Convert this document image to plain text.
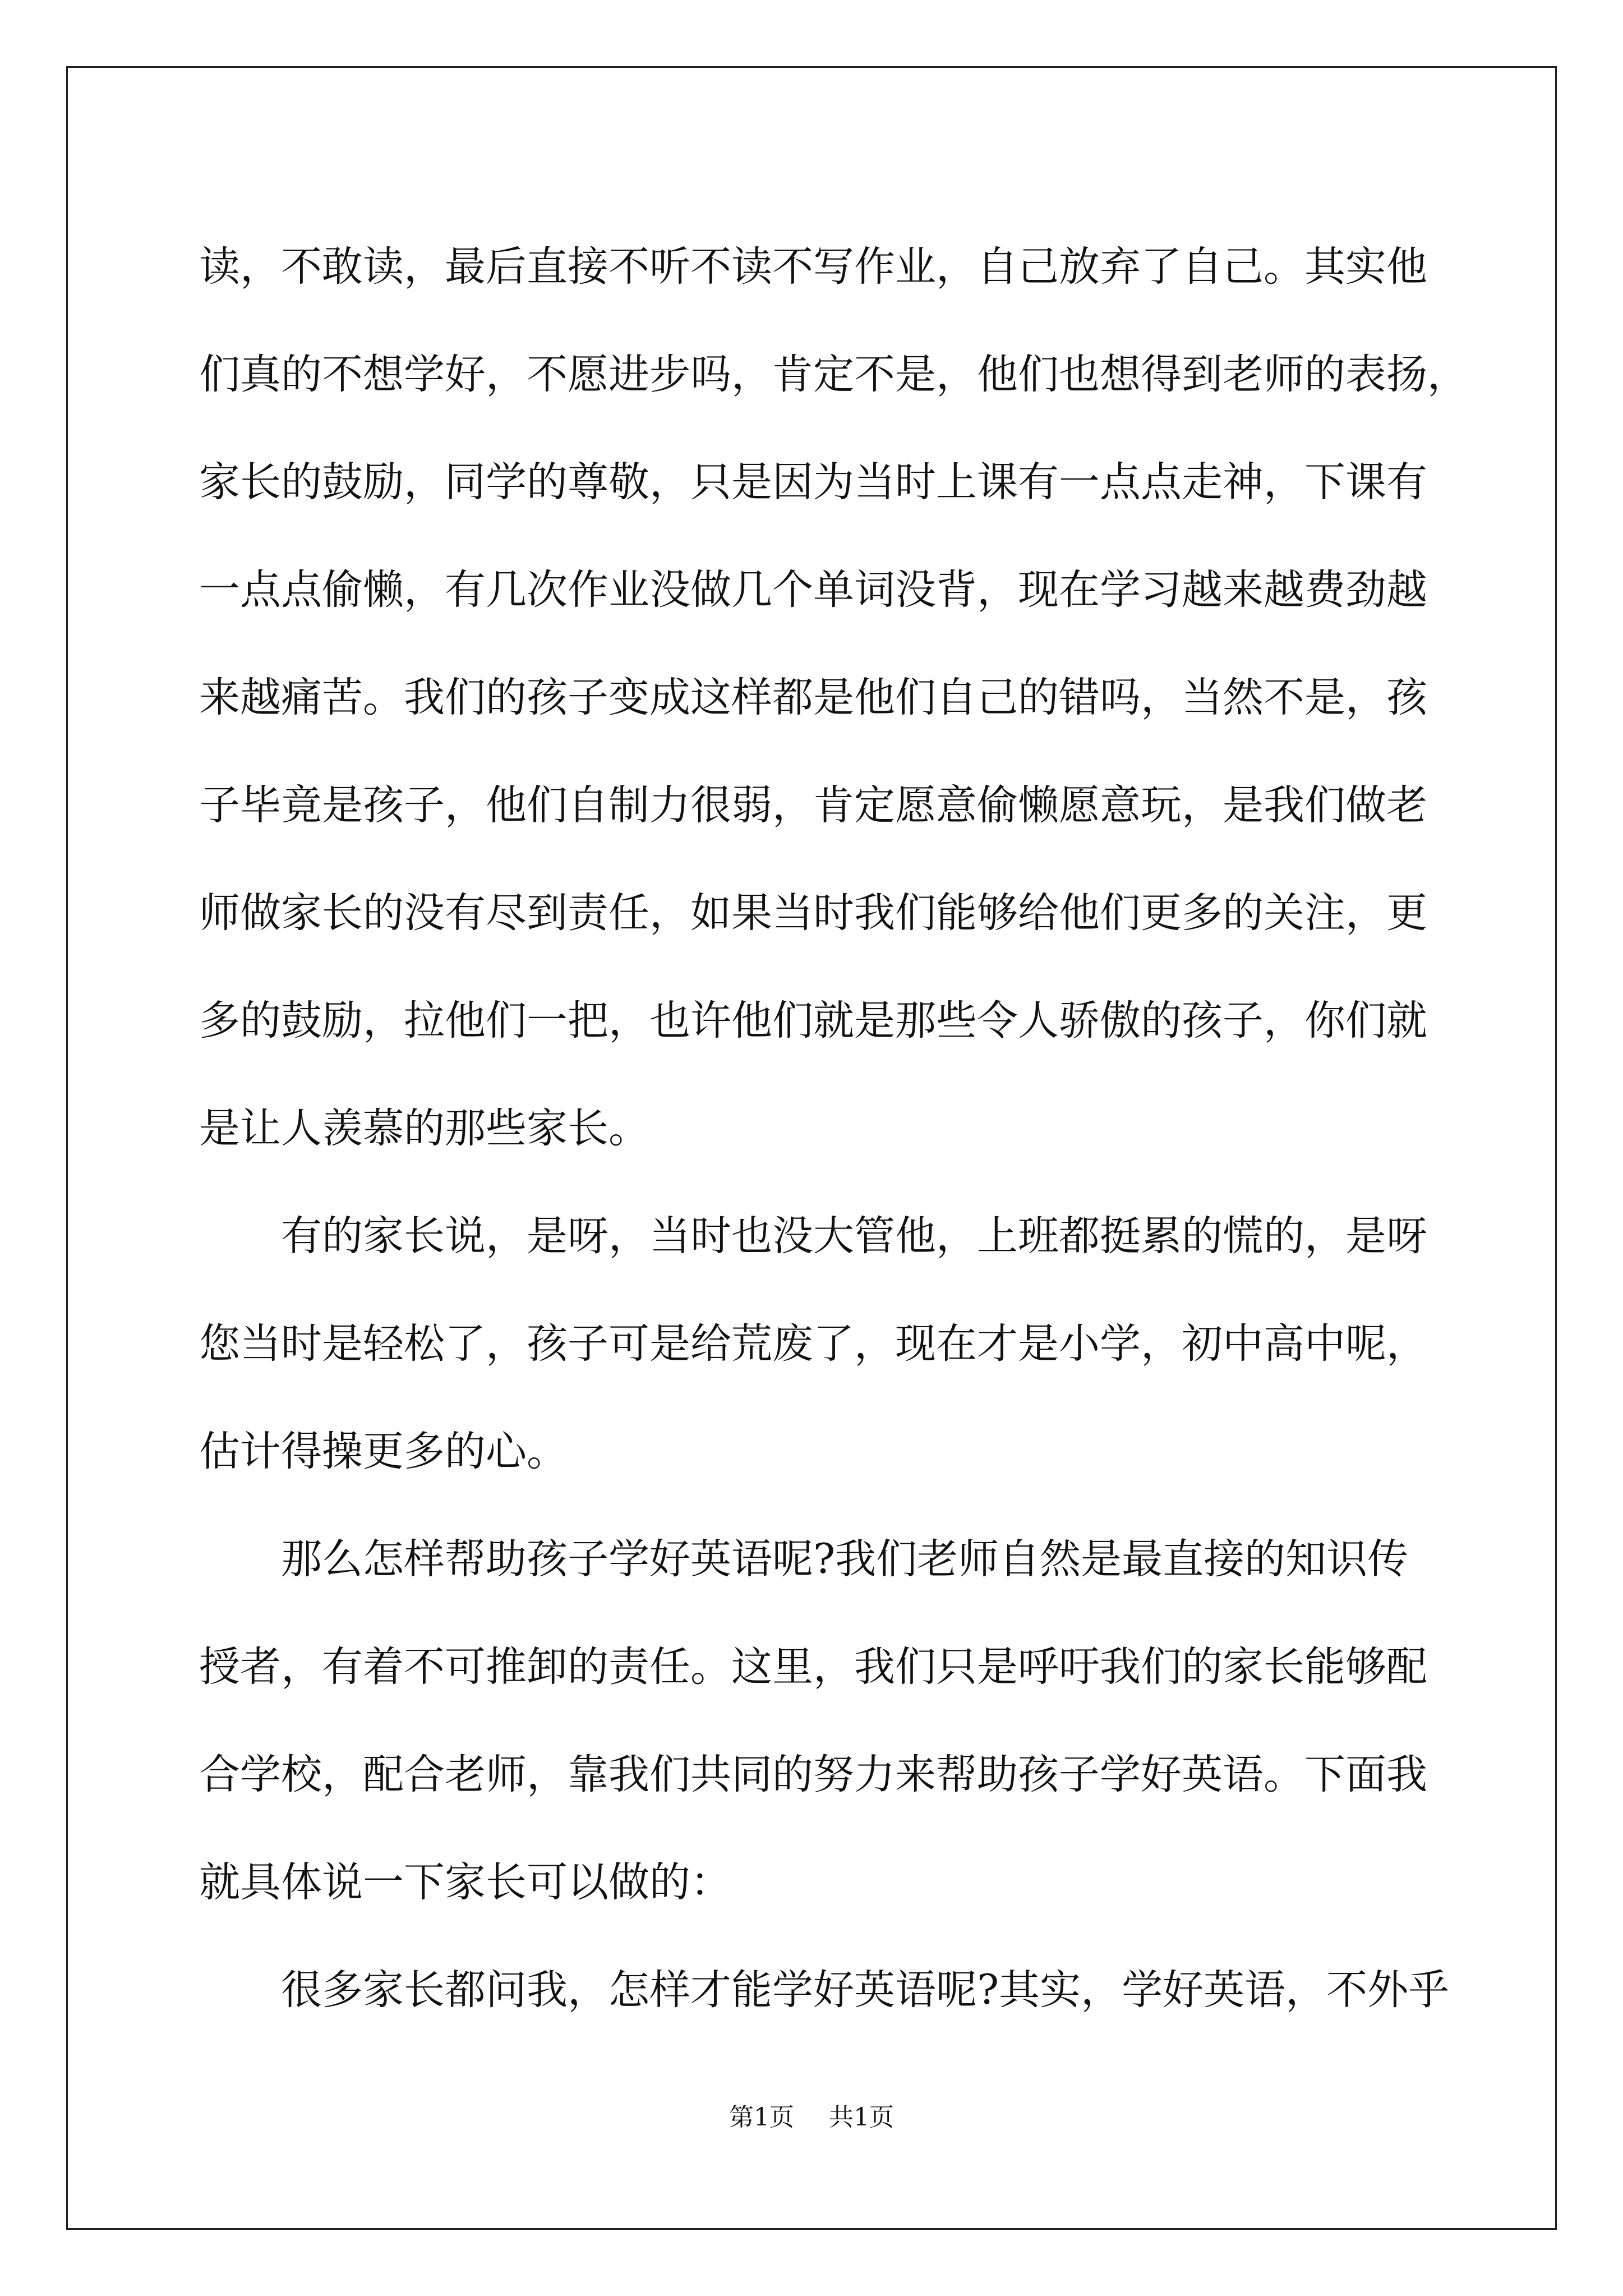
读，不敢读，最后直接不听不读不写作业，自己放弃了自己。其实他
们真的不想学好，不愿进步吗，肯定不是，他们也想得到老师的表扬，
家长的鼓励，同学的尊敬，只是因为当时上课有一点点走神，下课有
一点点偷懒，有几次作业没做几个单词没背，现在学习越来越费劲越
来越痛苦。我们的孩子变成这样都是他们自己的错吗，当然不是，孩
子毕竟是孩子，他们自制力很弱，肯定愿意偷懒愿意玩，是我们做老
师做家长的没有尽到责任，如果当时我们能够给他们更多的关注，更
多的鼓励，拉他们一把，也许他们就是那些令人骄傲的孩子，你们就
是让人羡慕的那些家长。
有的家长说，是呀，当时也没大管他，上班都挺累的慌的，是呀
您当时是轻松了，孩子可是给荒废了，现在才是小学，初中高中呢，
估计得操更多的心。
那么怎样帮助孩子学好英语呢?我们老师自然是最直接的知识传
授者，有着不可推卸的责任。这里，我们只是呼吁我们的家长能够配
合学校，配合老师，靠我们共同的努力来帮助孩子学好英语。下面我
就具体说一下家长可以做的：
很多家长都问我，怎样才能学好英语呢?其实，学好英语，不外乎
第1页 共1页
